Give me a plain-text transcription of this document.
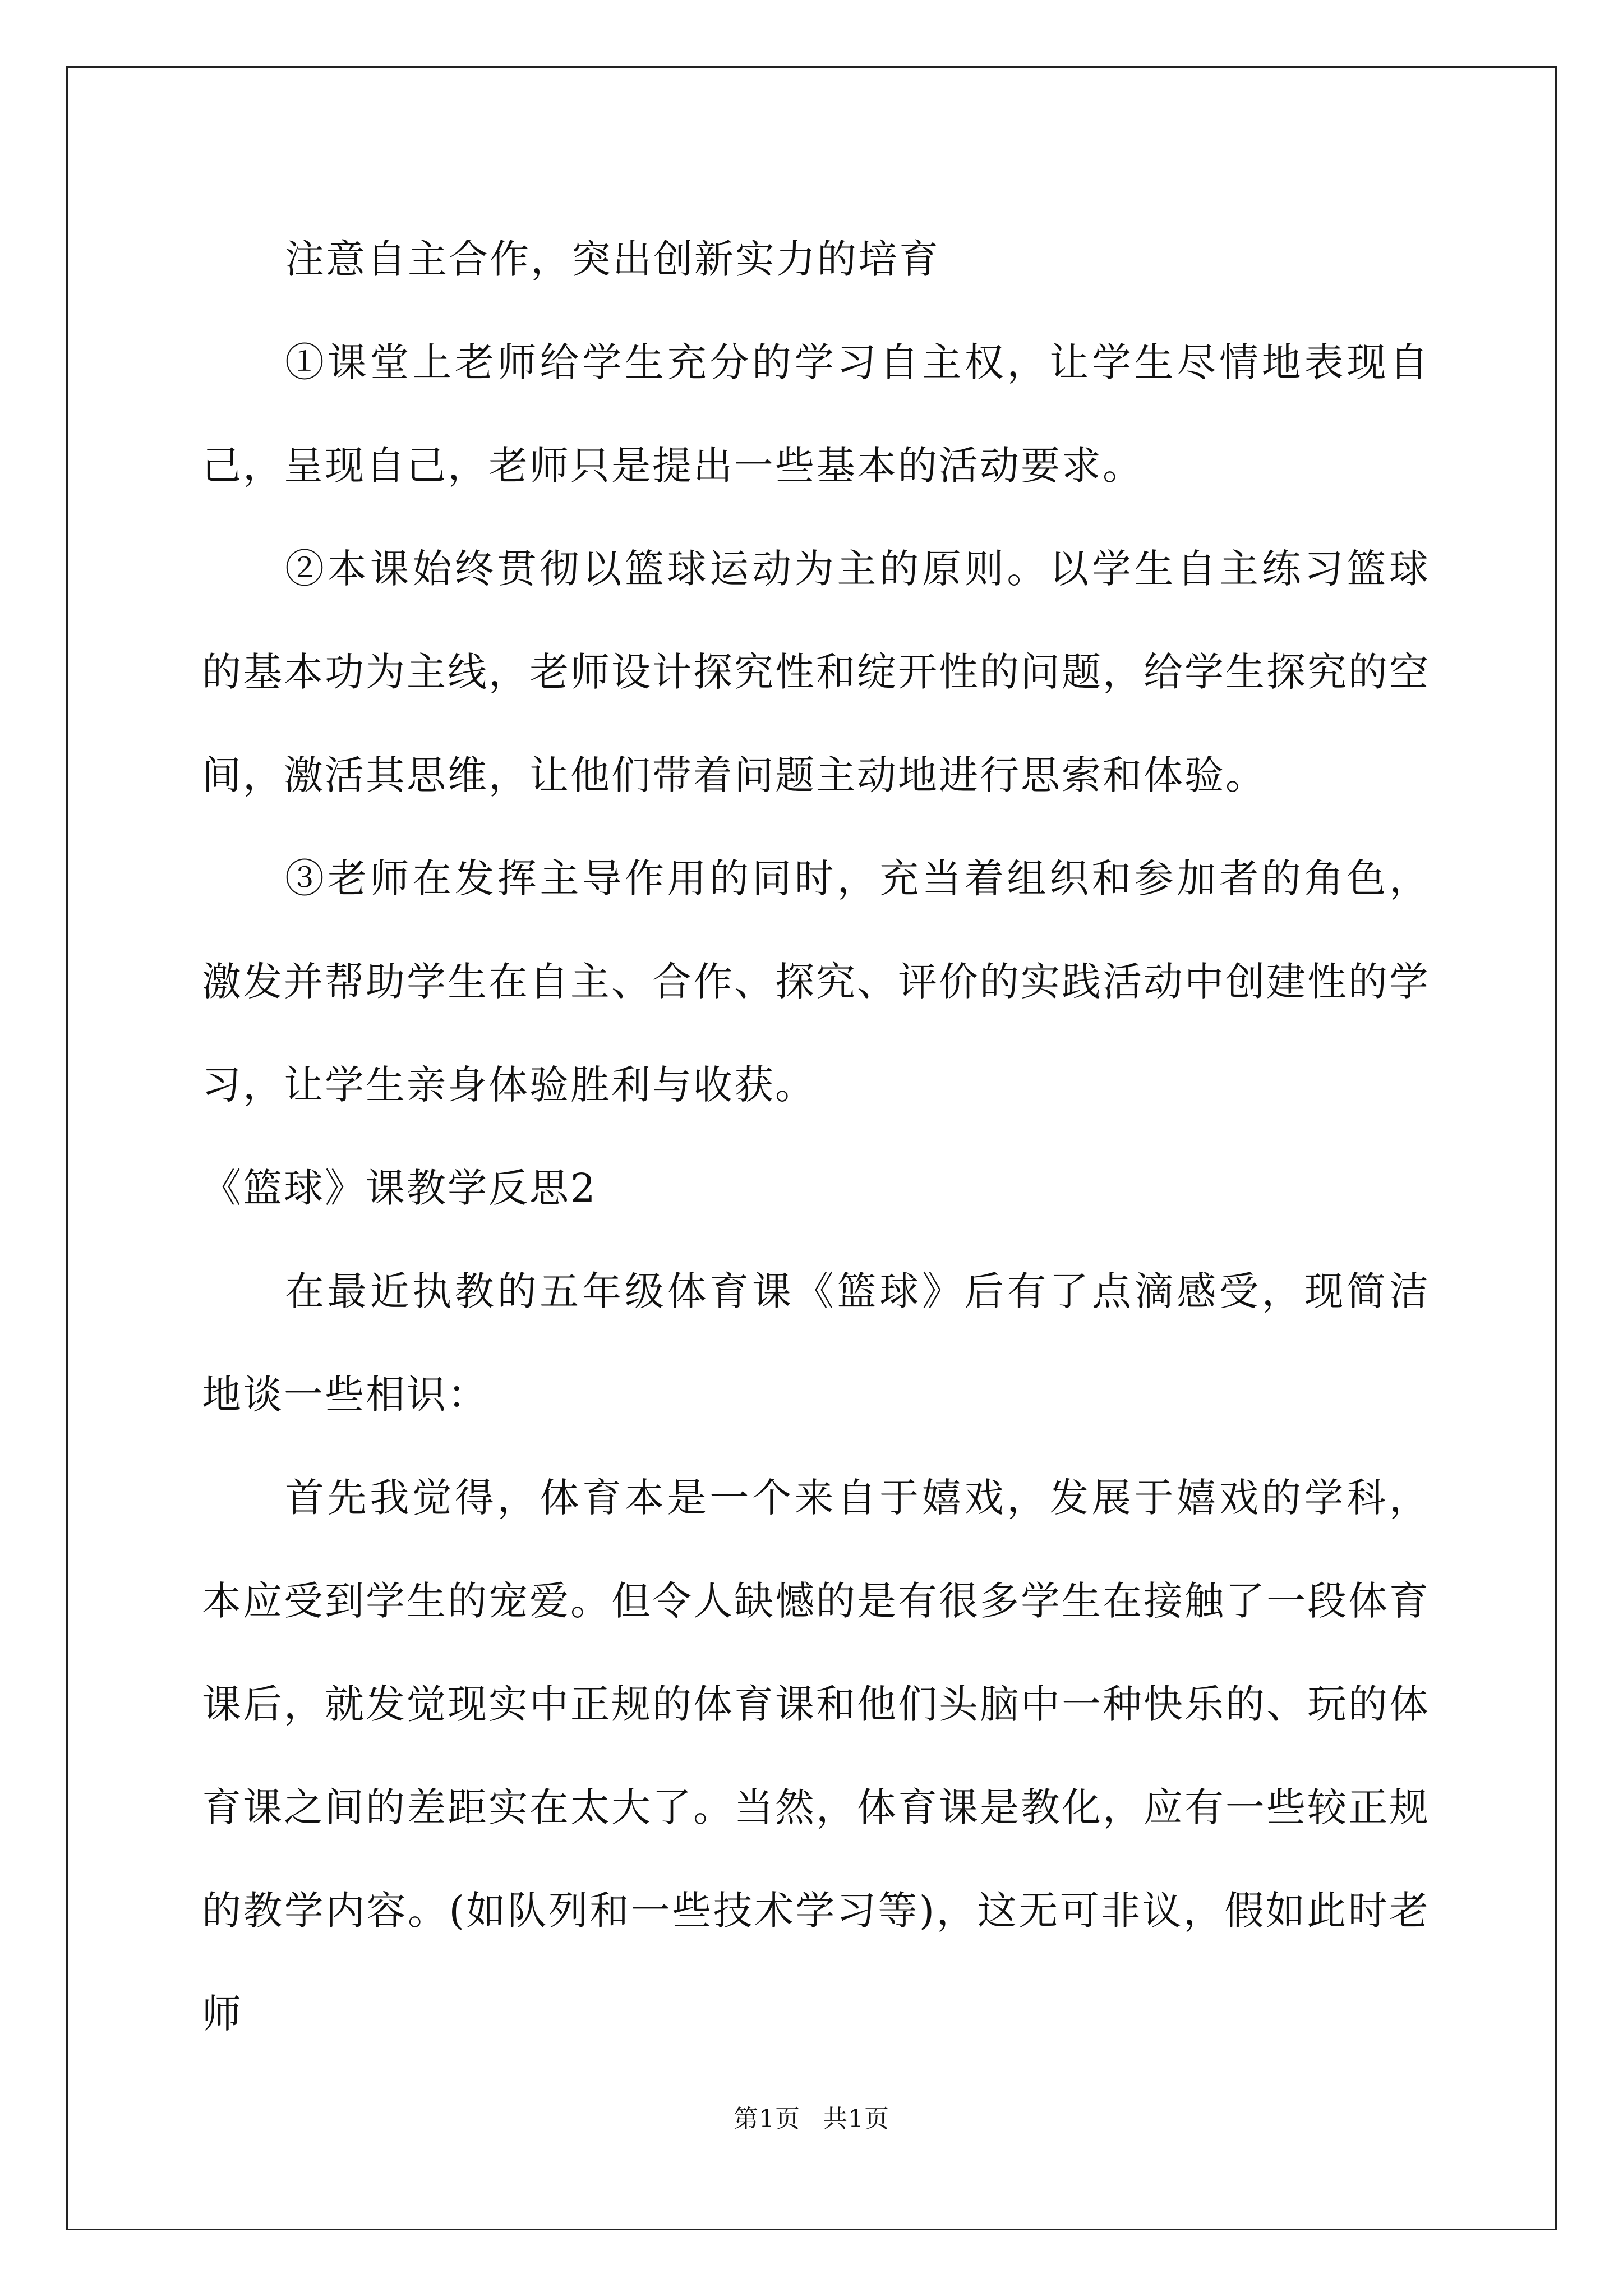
注意自主合作，突出创新实力的培育

①课堂上老师给学生充分的学习自主权，让学生尽情地表现自己，呈现自己，老师只是提出一些基本的活动要求。

②本课始终贯彻以篮球运动为主的原则。以学生自主练习篮球的基本功为主线，老师设计探究性和绽开性的问题，给学生探究的空间，激活其思维，让他们带着问题主动地进行思索和体验。

③老师在发挥主导作用的同时，充当着组织和参加者的角色，激发并帮助学生在自主、合作、探究、评价的实践活动中创建性的学习，让学生亲身体验胜利与收获。

《篮球》课教学反思2

在最近执教的五年级体育课《篮球》后有了点滴感受，现简洁地谈一些相识：

首先我觉得，体育本是一个来自于嬉戏，发展于嬉戏的学科，本应受到学生的宠爱。但令人缺憾的是有很多学生在接触了一段体育课后，就发觉现实中正规的体育课和他们头脑中一种快乐的、玩的体育课之间的差距实在太大了。当然，体育课是教化，应有一些较正规的教学内容。(如队列和一些技术学习等)，这无可非议，假如此时老师

第1页 共1页
